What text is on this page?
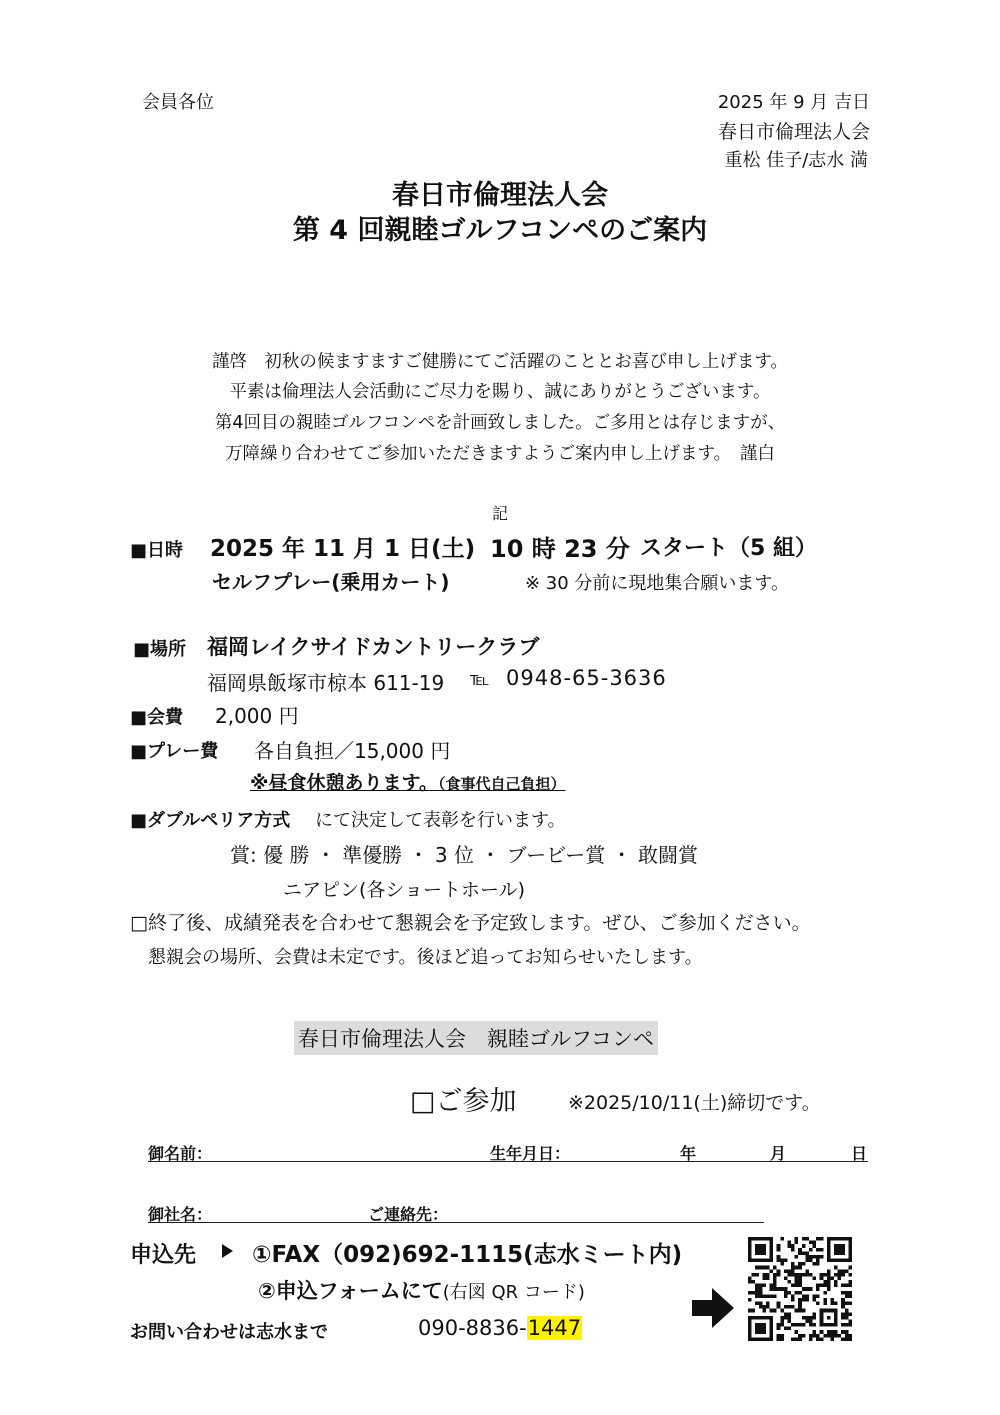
会員各位	2025 年 9 月 吉日
春日市倫理法人会
重松 佳子/志水 満
春日市倫理法人会
第 4 回親睦ゴルフコンペのご案内
謹啓　初秋の候ますますご健勝にてご活躍のこととお喜び申し上げます。
平素は倫理法人会活動にご尽力を賜り、誠にありがとうございます。
第4回目の親睦ゴルフコンペを計画致しました。ご多用とは存じますが、
万障繰り合わせてご参加いただきますようご案内申し上げます。　謹白
記
■日時 2025 年 11 月 1 日(土) 10 時 23 分 スタート（5 組）
セルフプレー(乗用カート)	※ 30 分前に現地集合願います。
■場所 福岡レイクサイドカントリークラブ
福岡県飯塚市椋本 611-19 ℡ 0948-65-3636
■会費 2,000 円
■プレー費 各自負担／15,000 円
※昼食休憩あります。（食事代自己負担）
■ダブルペリア方式 にて決定して表彰を行います。
賞: 優 勝 ・ 準優勝 ・ 3 位 ・ ブービー賞 ・ 敢闘賞
ニアピン(各ショートホール)
□終了後、成績発表を合わせて懇親会を予定致します。ぜひ、ご参加ください。
懇親会の場所、会費は未定です。後ほど追ってお知らせいたします。
春日市倫理法人会　親睦ゴルフコンペ
□ご参加	※2025/10/11(土)締切です。
御名前：	生年月日：	年	月	日
御社名：	ご連絡先：
申込先 ①FAX（092)692-1115(志水ミート内)
②申込フォームにて(右図 QR コード)
お問い合わせは志水まで	090-8836-1447
